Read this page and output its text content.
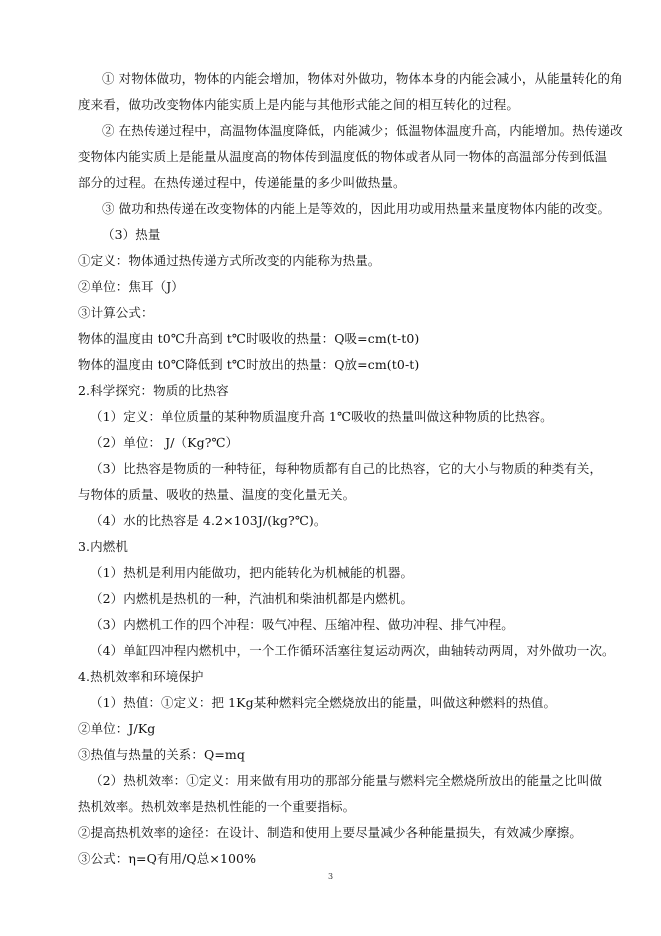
① 对物体做功，物体的内能会增加，物体对外做功，物体本身的内能会减小，从能量转化的角
度来看，做功改变物体内能实质上是内能与其他形式能之间的相互转化的过程。
② 在热传递过程中，高温物体温度降低，内能减少；低温物体温度升高，内能增加。热传递改
变物体内能实质上是能量从温度高的物体传到温度低的物体或者从同一物体的高温部分传到低温
部分的过程。在热传递过程中，传递能量的多少叫做热量。
③ 做功和热传递在改变物体的内能上是等效的，因此用功或用热量来量度物体内能的改变。
（3）热量
①定义：物体通过热传递方式所改变的内能称为热量。
②单位：焦耳（J）
③计算公式：
物体的温度由 t0℃升高到 t℃时吸收的热量：Q吸=cm(t-t0)
物体的温度由 t0℃降低到 t℃时放出的热量：Q放=cm(t0-t)
2.科学探究：物质的比热容
（1）定义：单位质量的某种物质温度升高 1℃吸收的热量叫做这种物质的比热容。
（2）单位： J/（Kg?℃）
（3）比热容是物质的一种特征，每种物质都有自己的比热容，它的大小与物质的种类有关，
与物体的质量、吸收的热量、温度的变化量无关。
（4）水的比热容是 4.2×103J/(kg?℃)。
3.内燃机
（1）热机是利用内能做功，把内能转化为机械能的机器。
（2）内燃机是热机的一种，汽油机和柴油机都是内燃机。
（3）内燃机工作的四个冲程：吸气冲程、压缩冲程、做功冲程、排气冲程。
（4）单缸四冲程内燃机中，一个工作循环活塞往复运动两次，曲轴转动两周，对外做功一次。
4.热机效率和环境保护
（1）热值：①定义：把 1Kg某种燃料完全燃烧放出的能量，叫做这种燃料的热值。
②单位：J/Kg
③热值与热量的关系：Q=mq
（2）热机效率：①定义：用来做有用功的那部分能量与燃料完全燃烧所放出的能量之比叫做
热机效率。热机效率是热机性能的一个重要指标。
②提高热机效率的途径：在设计、制造和使用上要尽量减少各种能量损失，有效减少摩擦。
③公式：η=Q有用/Q总×100%
3
